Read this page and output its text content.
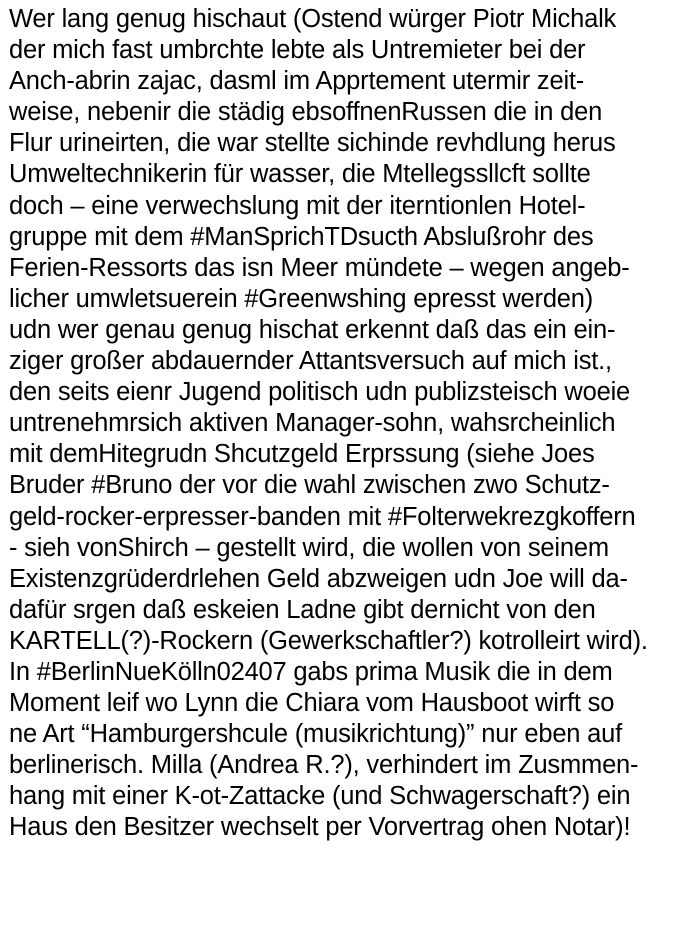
Wer lang genug hischaut (Ostend würger Piotr Michalk
der mich fast umbrchte lebte als Untremieter bei der
Anch-abrin zajac, dasml im Apprtement utermir zeit-
weise, nebenir die städig ebsoffnenRussen die in den
Flur urineirten, die war stellte sichinde revhdlung herus
Umweltechnikerin für wasser, die Mtellegssllcft sollte
doch – eine verwechslung mit der iterntionlen Hotel-
gruppe mit dem #ManSprichTDsucth Abslußrohr des
Ferien-Ressorts das isn Meer mündete – wegen angeb-
licher umwletsuerein #Greenwshing epresst werden)
udn wer genau genug hischat erkennt daß das ein ein-
ziger großer abdauernder Attantsversuch auf mich ist.,
den seits eienr Jugend politisch udn publizsteisch woeie
untrenehmrsich aktiven Manager-sohn, wahsrcheinlich
mit demHitegrudn Shcutzgeld Erprssung (siehe Joes
Bruder #Bruno der vor die wahl zwischen zwo Schutz-
geld-rocker-erpresser-banden mit #Folterwekrezgkoffern
- sieh vonShirch – gestellt wird, die wollen von seinem
Existenzgrüderdrlehen Geld abzweigen udn Joe will da-
dafür srgen daß eskeien Ladne gibt dernicht von den
KARTELL(?)-Rockern (Gewerkschaftler?) kotrolleirt wird).
In #BerlinNueKölln02407 gabs prima Musik die in dem
Moment leif wo Lynn die Chiara vom Hausboot wirft so
ne Art “Hamburgershcule (musikrichtung)” nur eben auf
berlinerisch. Milla (Andrea R.?), verhindert im Zusmmen-
hang mit einer K-ot-Zattacke (und Schwagerschaft?) ein
Haus den Besitzer wechselt per Vorvertrag ohen Notar)!
